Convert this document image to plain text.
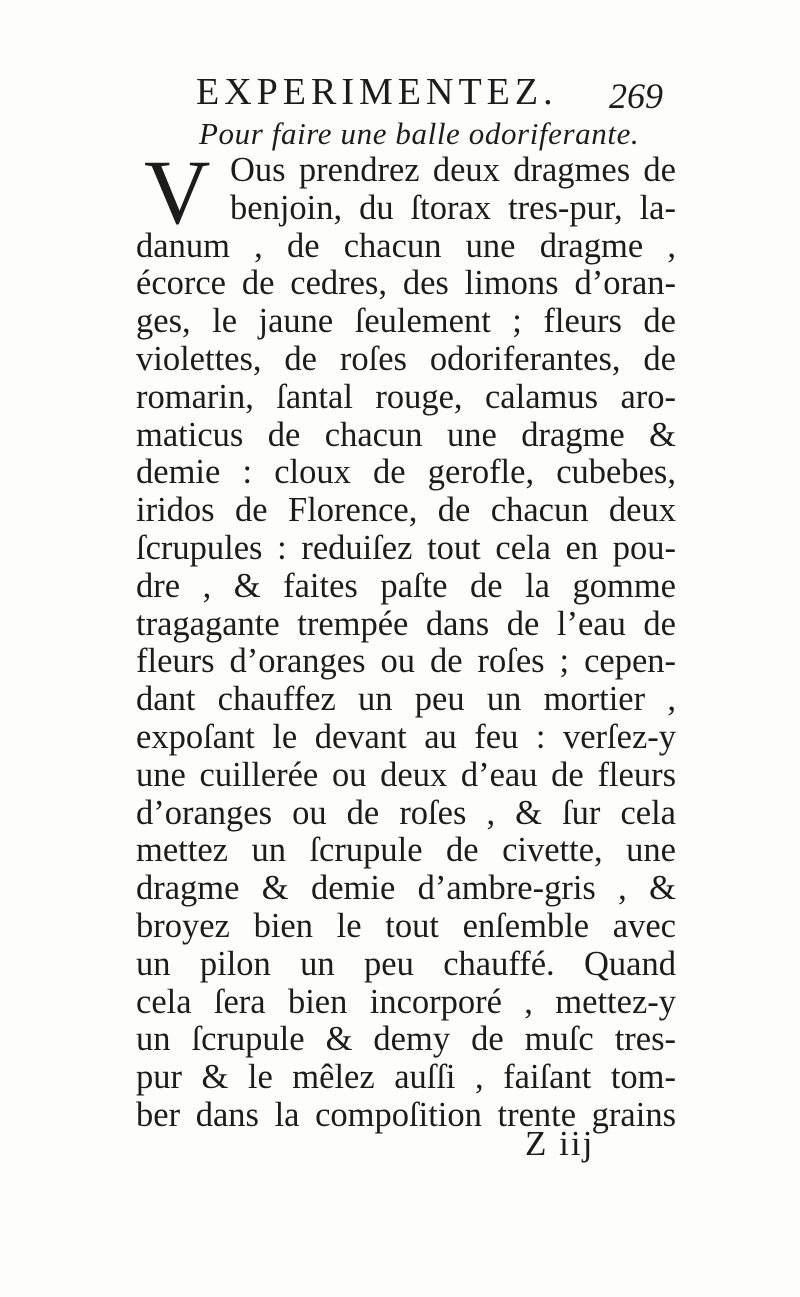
EXPERIMENTEZ.	269
Pour faire une balle odoriferante.
V Ous prendrez deux dragmes de
benjoin, du ſtorax tres-pur, la-
danum , de chacun une dragme ,
écorce de cedres, des limons d’oran-
ges, le jaune ſeulement ; fleurs de
violettes, de roſes odoriferantes, de
romarin, ſantal rouge, calamus aro-
maticus de chacun une dragme &
demie : cloux de gerofle, cubebes,
iridos de Florence, de chacun deux
ſcrupules : reduiſez tout cela en pou-
dre , & faites paſte de la gomme
tragagante trempée dans de l’eau de
fleurs d’oranges ou de roſes ; cepen-
dant chauffez un peu un mortier ,
expoſant le devant au feu : verſez-y
une cuillerée ou deux d’eau de fleurs
d’oranges ou de roſes , & ſur cela
mettez un ſcrupule de civette, une
dragme & demie d’ambre-gris , &
broyez bien le tout enſemble avec
un pilon un peu chauffé. Quand
cela ſera bien incorporé , mettez-y
un ſcrupule & demy de muſc tres-
pur & le mêlez auſſi , faiſant tom-
ber dans la compoſition trente grains
Z iij
